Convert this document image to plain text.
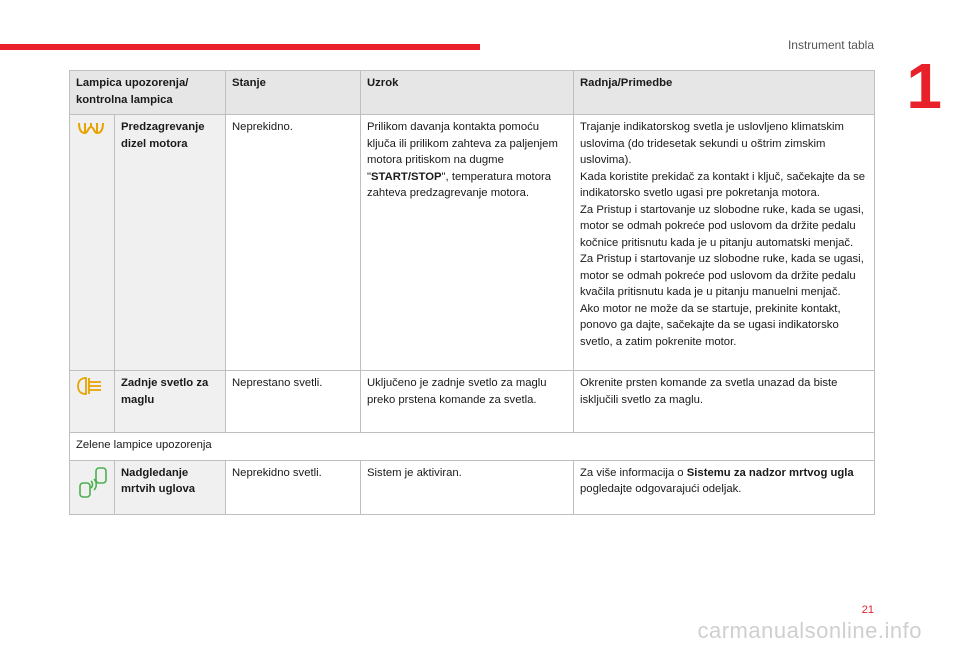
Instrument tabla
1
Lampica upozorenja/ kontrolna lampica		Stanje	Uzrok	Radnja/Primedbe
	Predzagrevanje dizel motora	Neprekidno.	Prilikom davanja kontakta pomoću ključa ili prilikom zahteva za paljenjem motora pritiskom na dugme "START/STOP", temperatura motora zahteva predzagrevanje motora.	Trajanje indikatorskog svetla je uslovljeno klimatskim uslovima (do tridesetak sekundi u oštrim zimskim uslovima).
Kada koristite prekidač za kontakt i ključ, sačekajte da se indikatorsko svetlo ugasi pre pokretanja motora.
Za Pristup i startovanje uz slobodne ruke, kada se ugasi, motor se odmah pokreće pod uslovom da držite pedalu kočnice pritisnutu kada je u pitanju automatski menjač.
Za Pristup i startovanje uz slobodne ruke, kada se ugasi, motor se odmah pokreće pod uslovom da držite pedalu kvačila pritisnutu kada je u pitanju manuelni menjač.
Ako motor ne može da se startuje, prekinite kontakt, ponovo ga dajte, sačekajte da se ugasi indikatorsko svetlo, a zatim pokrenite motor.

	Zadnje svetlo za maglu	Neprestano svetli.	Uključeno je zadnje svetlo za maglu preko prstena komande za svetla.	Okrenite prsten komande za svetla unazad da biste isključili svetlo za maglu.
Zelene lampice upozorenja				
	Nadgledanje mrtvih uglova	Neprekidno svetli.	Sistem je aktiviran.	Za više informacija o Sistemu za nadzor mrtvog ugla pogledajte odgovarajući odeljak.
21
carmanualsonline.info
